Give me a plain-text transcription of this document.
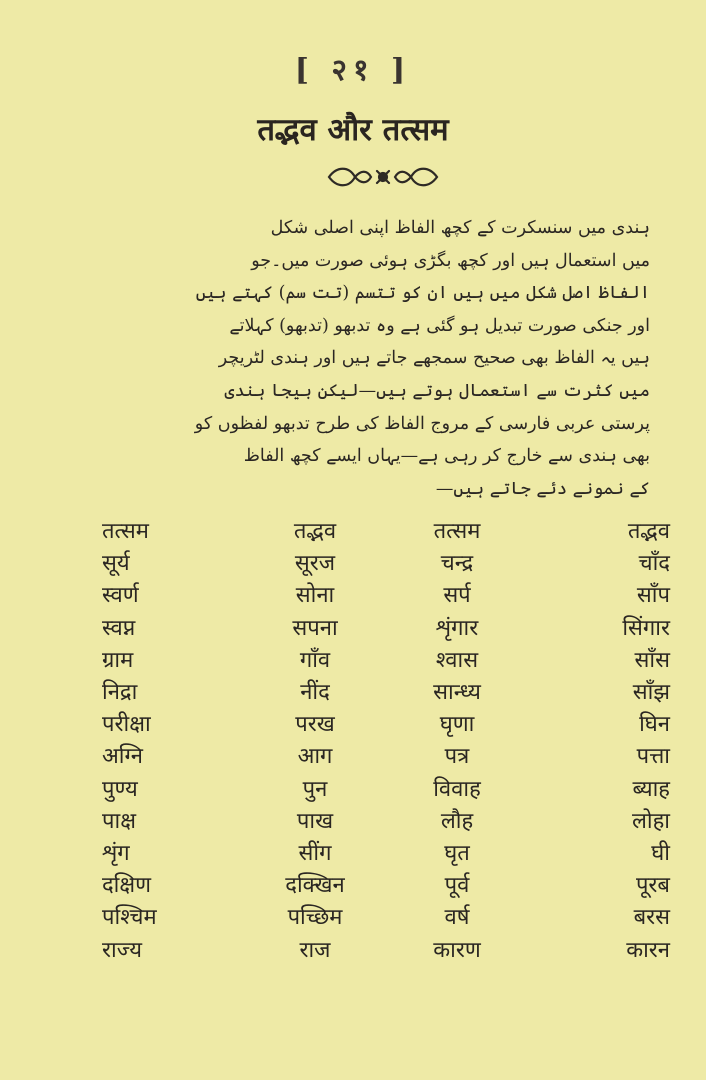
[ २१ ]
तद्भव और तत्सम
ہندی میں سنسکرت کے کچھ الفاظ اپنی اصلی شکل
میں استعمال ہیں اور کچھ بگڑی ہوئی صورت میں۔جو
الفاظ اصل شکل میں ہیں ان کو تتسم (تت سم) کہتے ہیں
اور جنکی صورت تبدیل ہو گئی ہے وہ تدبھو (تدبھو) کہلاتے
ہیں یہ الفاظ بھی صحیح سمجھے جاتے ہیں اور ہندی لٹریچر
میں کثرت سے استعمال ہوتے ہیں—لیکن بیجا ہندی
پرستی عربی فارسی کے مروج الفاظ کی طرح تدبھو لفظوں کو
بھی ہندی سے خارج کر رہی ہے—یہاں ایسے کچھ الفاظ
کے نمونے دئے جاتے ہیں—
तत्सम	तद्भव	तत्सम	तद्भव
सूर्य	सूरज	चन्द्र	चाँद
स्वर्ण	सोना	सर्प	साँप
स्वप्न	सपना	शृंगार	सिंगार
ग्राम	गाँव	श्वास	साँस
निद्रा	नींद	सान्ध्य	साँझ
परीक्षा	परख	घृणा	घिन
अग्नि	आग	पत्र	पत्ता
पुण्य	पुन	विवाह	ब्याह
पाक्ष	पाख	लौह	लोहा
शृंग	सींग	घृत	घी
दक्षिण	दक्खिन	पूर्व	पूरब
पश्चिम	पच्छिम	वर्ष	बरस
राज्य	राज	कारण	कारन
